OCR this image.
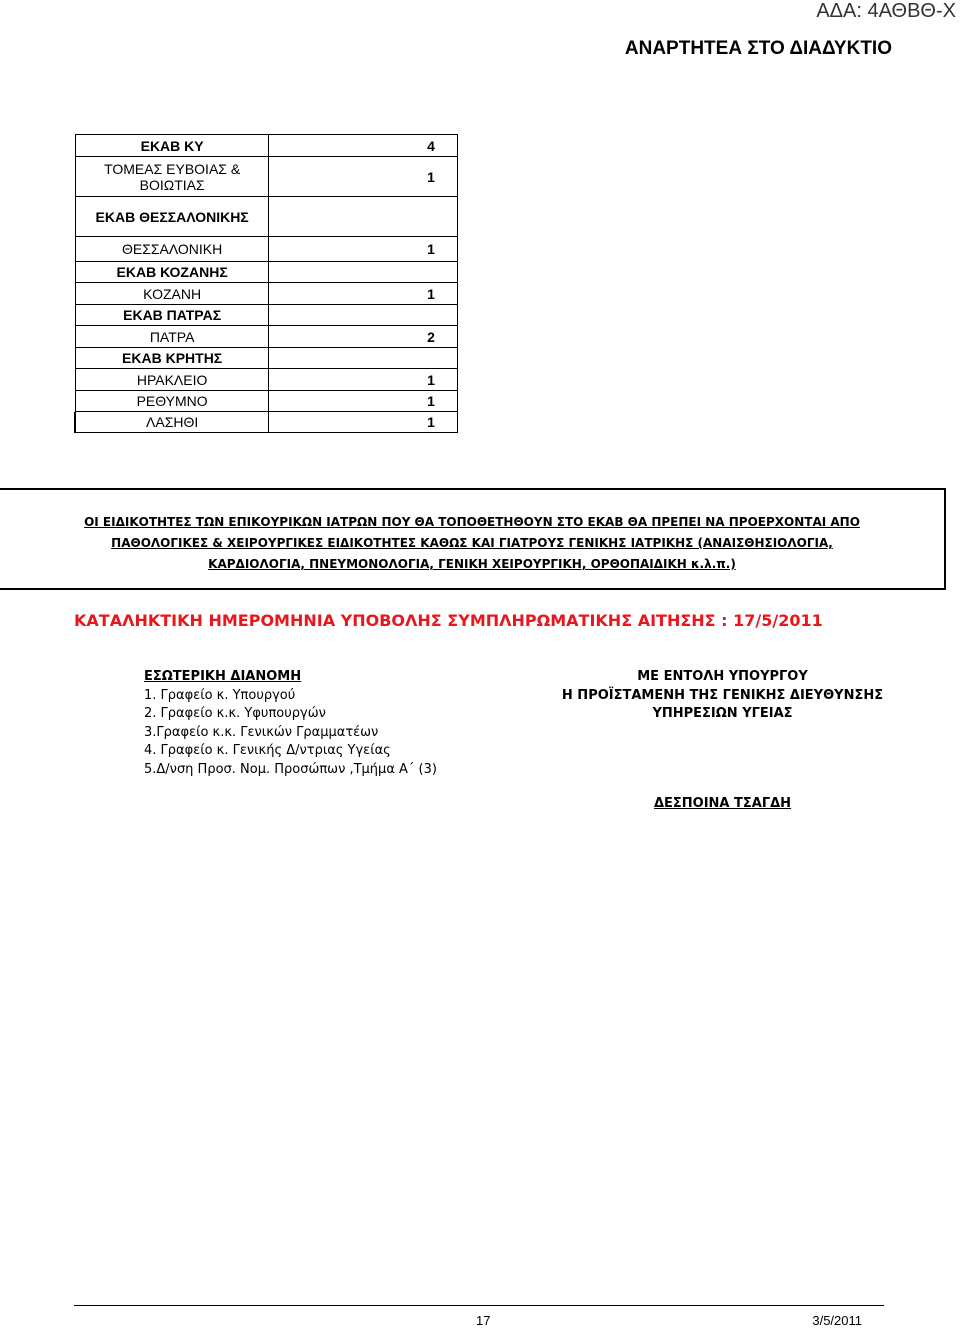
ΑΔΑ: 4ΑΘΒΘ-Χ
ΑΝΑΡΤΗΤΕΑ ΣΤΟ ΔΙΑΔΥΚΤΙΟ
	ΕΚΑΒ ΚΥ	4
	ΤΟΜΕΑΣ ΕΥΒΟΙΑΣ & ΒΟΙΩΤΙΑΣ	1
	ΕΚΑΒ ΘΕΣΣΑΛΟΝΙΚΗΣ	
	ΘΕΣΣΑΛΟΝΙΚΗ	1
	ΕΚΑΒ ΚΟΖΑΝΗΣ	
	ΚΟΖΑΝΗ	1
	ΕΚΑΒ ΠΑΤΡΑΣ	
	ΠΑΤΡΑ	2
	ΕΚΑΒ ΚΡΗΤΗΣ	
	ΗΡΑΚΛΕΙΟ	1
	ΡΕΘΥΜΝΟ	1
	ΛΑΣΗΘΙ	1
ΟΙ ΕΙΔΙΚΟΤΗΤΕΣ ΤΩΝ ΕΠΙΚΟΥΡΙΚΩΝ ΙΑΤΡΩΝ ΠΟΥ ΘΑ ΤΟΠΟΘΕΤΗΘΟΥΝ ΣΤΟ ΕΚΑΒ ΘΑ ΠΡΕΠΕΙ ΝΑ ΠΡΟΕΡΧΟΝΤΑΙ ΑΠΟ
ΠΑΘΟΛΟΓΙΚΕΣ & ΧΕΙΡΟΥΡΓΙΚΕΣ ΕΙΔΙΚΟΤΗΤΕΣ ΚΑΘΩΣ ΚΑΙ ΓΙΑΤΡΟΥΣ ΓΕΝΙΚΗΣ ΙΑΤΡΙΚΗΣ (ΑΝΑΙΣΘΗΣΙΟΛΟΓΙΑ,
ΚΑΡΔΙΟΛΟΓΙΑ, ΠΝΕΥΜΟΝΟΛΟΓΙΑ, ΓΕΝΙΚΗ ΧΕΙΡΟΥΡΓΙΚΗ, ΟΡΘΟΠΑΙΔΙΚΗ κ.λ.π.)
ΚΑΤΑΛΗΚΤΙΚΗ ΗΜΕΡΟΜΗΝΙΑ ΥΠΟΒΟΛΗΣ ΣΥΜΠΛΗΡΩΜΑΤΙΚΗΣ ΑΙΤΗΣΗΣ : 17/5/2011
ΕΣΩΤΕΡΙΚΗ ΔΙΑΝΟΜΗ
1. Γραφείο κ. Υπουργού
2. Γραφείο κ.κ. Υφυπουργών
3.Γραφείο κ.κ. Γενικών Γραμματέων
4. Γραφείο κ. Γενικής Δ/ντριας Υγείας
5.Δ/νση Προσ. Νομ. Προσώπων ,Τμήμα Α΄ (3)
ΜΕ ΕΝΤΟΛΗ ΥΠΟΥΡΓΟΥ
Η ΠΡΟΪΣΤΑΜΕΝΗ ΤΗΣ ΓΕΝΙΚΗΣ ΔΙΕΥΘΥΝΣΗΣ
ΥΠΗΡΕΣΙΩΝ ΥΓΕΙΑΣ
ΔΕΣΠΟΙΝΑ ΤΣΑΓΔΗ
17	3/5/2011
